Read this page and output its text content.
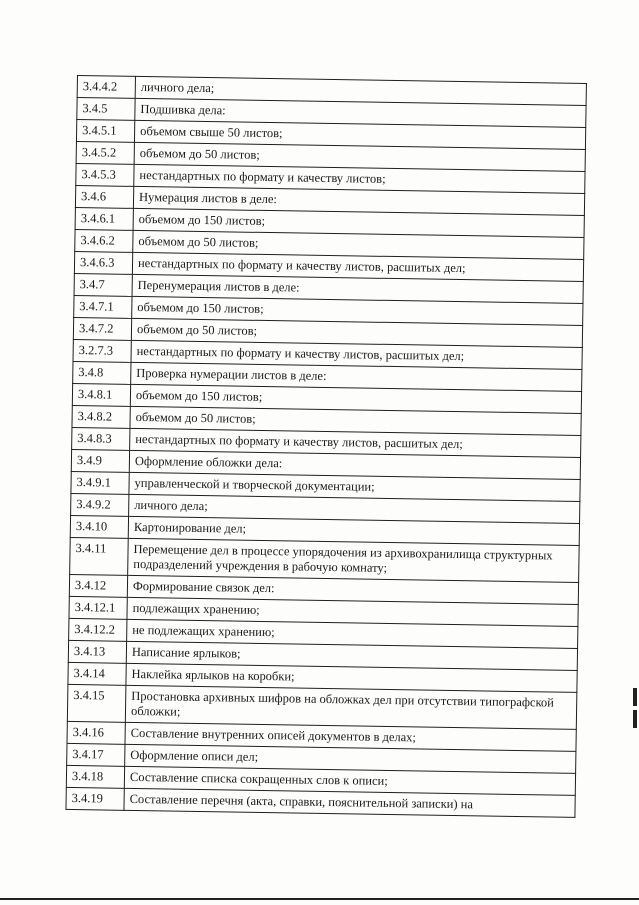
3.4.4.2	личного дела;
3.4.5	Подшивка дела:
3.4.5.1	объемом свыше 50 листов;
3.4.5.2	объемом до 50 листов;
3.4.5.3	нестандартных по формату и качеству листов;
3.4.6	Нумерация листов в деле:
3.4.6.1	объемом до 150 листов;
3.4.6.2	объемом до 50 листов;
3.4.6.3	нестандартных по формату и качеству листов, расшитых дел;
3.4.7	Перенумерация листов в деле:
3.4.7.1	объемом до 150 листов;
3.4.7.2	объемом до 50 листов;
3.2.7.3	нестандартных по формату и качеству листов, расшитых дел;
3.4.8	Проверка нумерации листов в деле:
3.4.8.1	объемом до 150 листов;
3.4.8.2	объемом до 50 листов;
3.4.8.3	нестандартных по формату и качеству листов, расшитых дел;
3.4.9	Оформление обложки дела:
3.4.9.1	управленческой и творческой документации;
3.4.9.2	личного дела;
3.4.10	Картонирование дел;
3.4.11	Перемещение дел в процессе упорядочения из архивохранилища структурных подразделений учреждения в рабочую комнату;
3.4.12	Формирование связок дел:
3.4.12.1	подлежащих хранению;
3.4.12.2	не подлежащих хранению;
3.4.13	Написание ярлыков;
3.4.14	Наклейка ярлыков на коробки;
3.4.15	Простановка архивных шифров на обложках дел при отсутствии типографской обложки;
3.4.16	Составление внутренних описей документов в делах;
3.4.17	Оформление описи дел;
3.4.18	Составление списка сокращенных слов к описи;
3.4.19	Составление перечня (акта, справки, пояснительной записки) на
